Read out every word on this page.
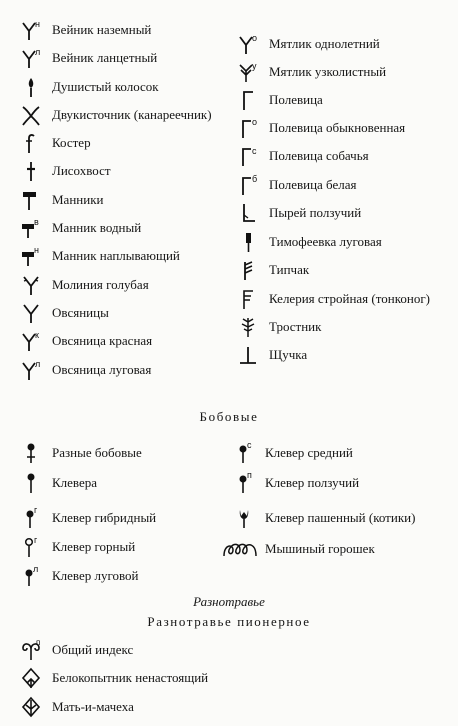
н Вейник наземный
л Вейник ланцетный
Душистый колосок
Двукисточник (канареечник)
Костер
Лисохвост
Манники
в Манник водный
н Манник наплывающий
Молиния голубая
Овсяницы
к Овсяница красная
л Овсяница луговая
о Мятлик однолетний
у Мятлик узколистный
Полевица
о Полевица обыкновенная
с Полевица собачья
б Полевица белая
Пырей ползучий
Тимофеевка луговая
Типчак
Келерия стройная (тонконог)
Тростник
Щучка
Бобовые
Разные бобовые
Клевера
г Клевер гибридный
г Клевер горный
л Клевер луговой
с Клевер средний
п Клевер ползучий
Клевер пашенный (котики)
Мышиный горошек
Разнотравье
Разнотравье пионерное
п Общий индекс
Белокопытник ненастоящий
Мать-и-мачеха
